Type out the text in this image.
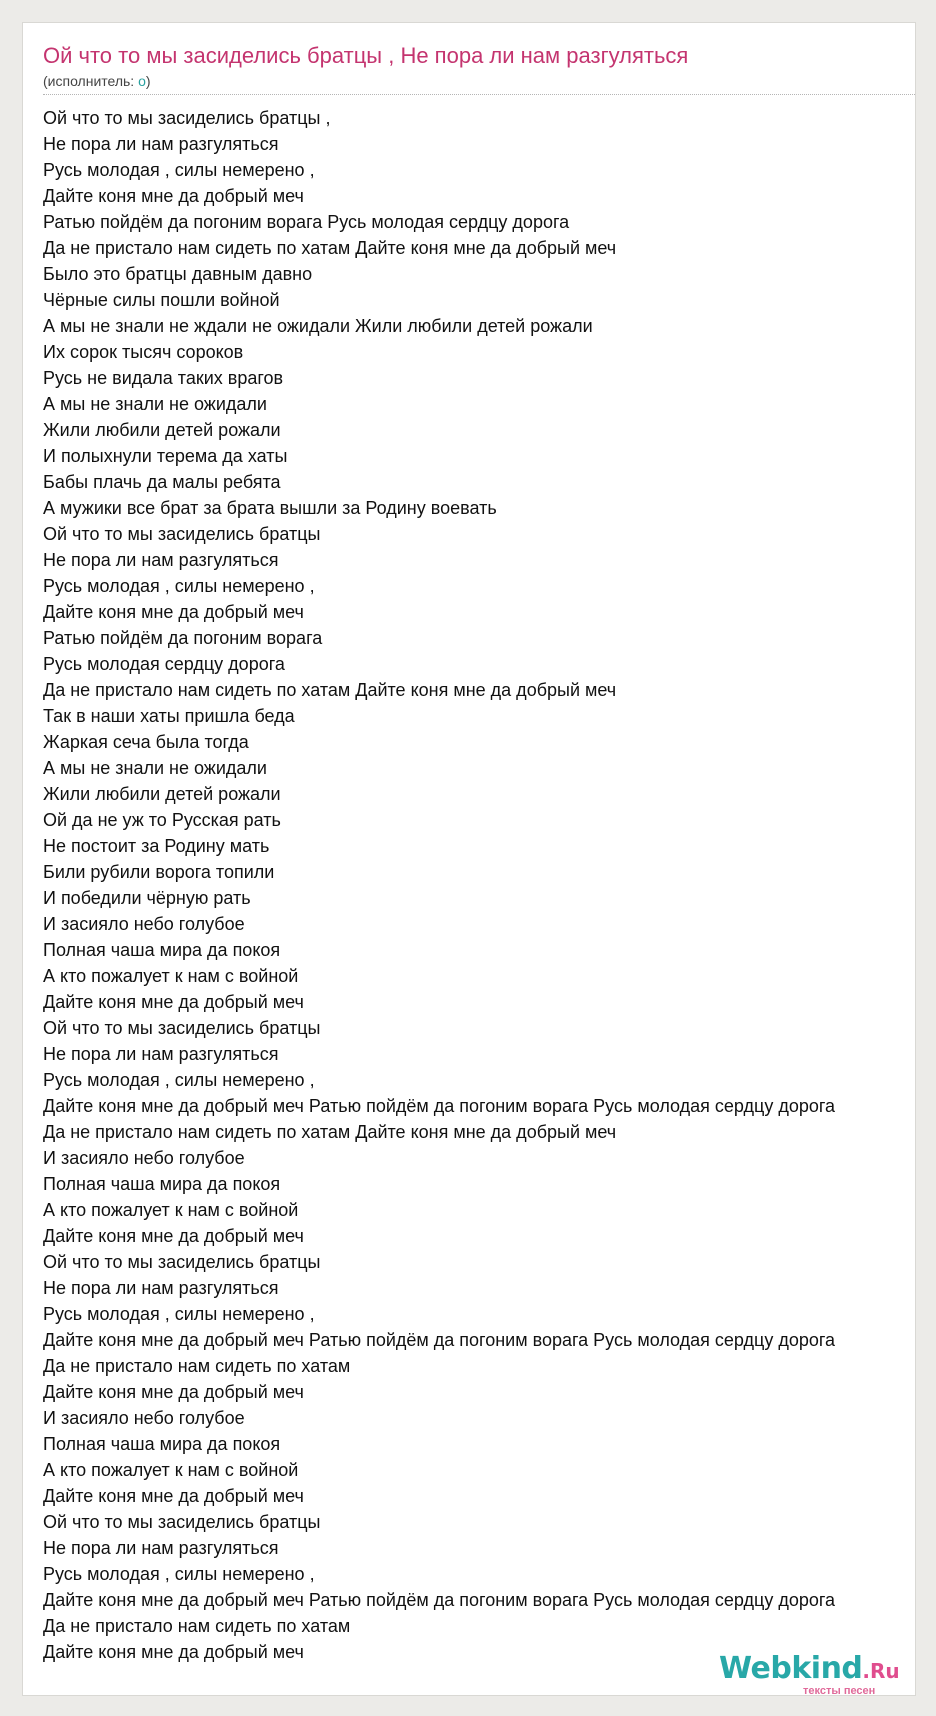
Ой что то мы засиделись братцы , Не пора ли нам разгуляться
(исполнитель: о)
Ой что то мы засиделись братцы ,
Не пора ли нам разгуляться
Русь молодая , силы немерено ,
Дайте коня мне да добрый меч
Ратью пойдём да погоним ворага Русь молодая сердцу дорога
Да не пристало нам сидеть по хатам Дайте коня мне да добрый меч
Было это братцы давным давно
Чёрные силы пошли войной
А мы не знали не ждали не ожидали Жили любили детей рожали
Их сорок тысяч сороков
Русь не видала таких врагов
А мы не знали не ожидали
Жили любили детей рожали
И полыхнули терема да хаты
Бабы плачь да малы ребята
А мужики все брат за брата вышли за Родину воевать
Ой что то мы засиделись братцы
Не пора ли нам разгуляться
Русь молодая , силы немерено ,
Дайте коня мне да добрый меч
Ратью пойдём да погоним ворага
Русь молодая сердцу дорога
Да не пристало нам сидеть по хатам Дайте коня мне да добрый меч
Так в наши хаты пришла беда
Жаркая сеча была тогда
А мы не знали не ожидали
Жили любили детей рожали
Ой да не уж то Русская рать
Не постоит за Родину мать
Били рубили ворога топили
И победили чёрную рать
И засияло небо голубое
Полная чаша мира да покоя
А кто пожалует к нам с войной
Дайте коня мне да добрый меч
Ой что то мы засиделись братцы
Не пора ли нам разгуляться
Русь молодая , силы немерено ,
Дайте коня мне да добрый меч Ратью пойдём да погоним ворага Русь молодая сердцу дорога
Да не пристало нам сидеть по хатам Дайте коня мне да добрый меч
И засияло небо голубое
Полная чаша мира да покоя
А кто пожалует к нам с войной
Дайте коня мне да добрый меч
Ой что то мы засиделись братцы
Не пора ли нам разгуляться
Русь молодая , силы немерено ,
Дайте коня мне да добрый меч Ратью пойдём да погоним ворага Русь молодая сердцу дорога
Да не пристало нам сидеть по хатам
Дайте коня мне да добрый меч
И засияло небо голубое
Полная чаша мира да покоя
А кто пожалует к нам с войной
Дайте коня мне да добрый меч
Ой что то мы засиделись братцы
Не пора ли нам разгуляться
Русь молодая , силы немерено ,
Дайте коня мне да добрый меч Ратью пойдём да погоним ворага Русь молодая сердцу дорога
Да не пристало нам сидеть по хатам
Дайте коня мне да добрый меч	Webkind.Ru
тексты песен
